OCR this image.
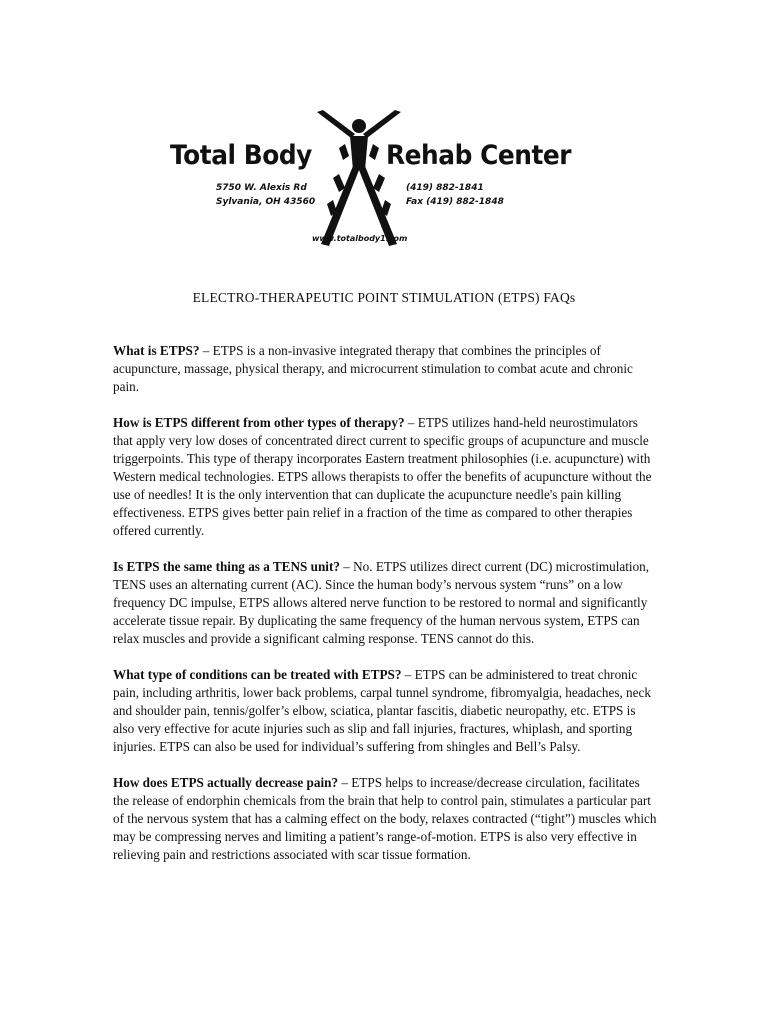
Total Body	Rehab Center
5750 W. Alexis Rd
Sylvania, OH 43560
(419) 882-1841
Fax (419) 882-1848
www.totalbody1.com
ELECTRO-THERAPEUTIC POINT STIMULATION (ETPS) FAQs

What is ETPS? – ETPS is a non-invasive integrated therapy that combines the principles of acupuncture, massage, physical therapy, and microcurrent stimulation to combat acute and chronic pain.

How is ETPS different from other types of therapy? – ETPS utilizes hand-held neurostimulators that apply very low doses of concentrated direct current to specific groups of acupuncture and muscle triggerpoints. This type of therapy incorporates Eastern treatment philosophies (i.e. acupuncture) with Western medical technologies. ETPS allows therapists to offer the benefits of acupuncture without the use of needles! It is the only intervention that can duplicate the acupuncture needle's pain killing effectiveness. ETPS gives better pain relief in a fraction of the time as compared to other therapies offered currently.

Is ETPS the same thing as a TENS unit? – No. ETPS utilizes direct current (DC) microstimulation, TENS uses an alternating current (AC). Since the human body’s nervous system “runs” on a low frequency DC impulse, ETPS allows altered nerve function to be restored to normal and significantly accelerate tissue repair. By duplicating the same frequency of the human nervous system, ETPS can relax muscles and provide a significant calming response. TENS cannot do this.

What type of conditions can be treated with ETPS? – ETPS can be administered to treat chronic pain, including arthritis, lower back problems, carpal tunnel syndrome, fibromyalgia, headaches, neck and shoulder pain, tennis/golfer’s elbow, sciatica, plantar fascitis, diabetic neuropathy, etc. ETPS is also very effective for acute injuries such as slip and fall injuries, fractures, whiplash, and sporting injuries. ETPS can also be used for individual’s suffering from shingles and Bell’s Palsy.

How does ETPS actually decrease pain? – ETPS helps to increase/decrease circulation, facilitates the release of endorphin chemicals from the brain that help to control pain, stimulates a particular part of the nervous system that has a calming effect on the body, relaxes contracted (“tight”) muscles which may be compressing nerves and limiting a patient’s range-of-motion. ETPS is also very effective in relieving pain and restrictions associated with scar tissue formation.
